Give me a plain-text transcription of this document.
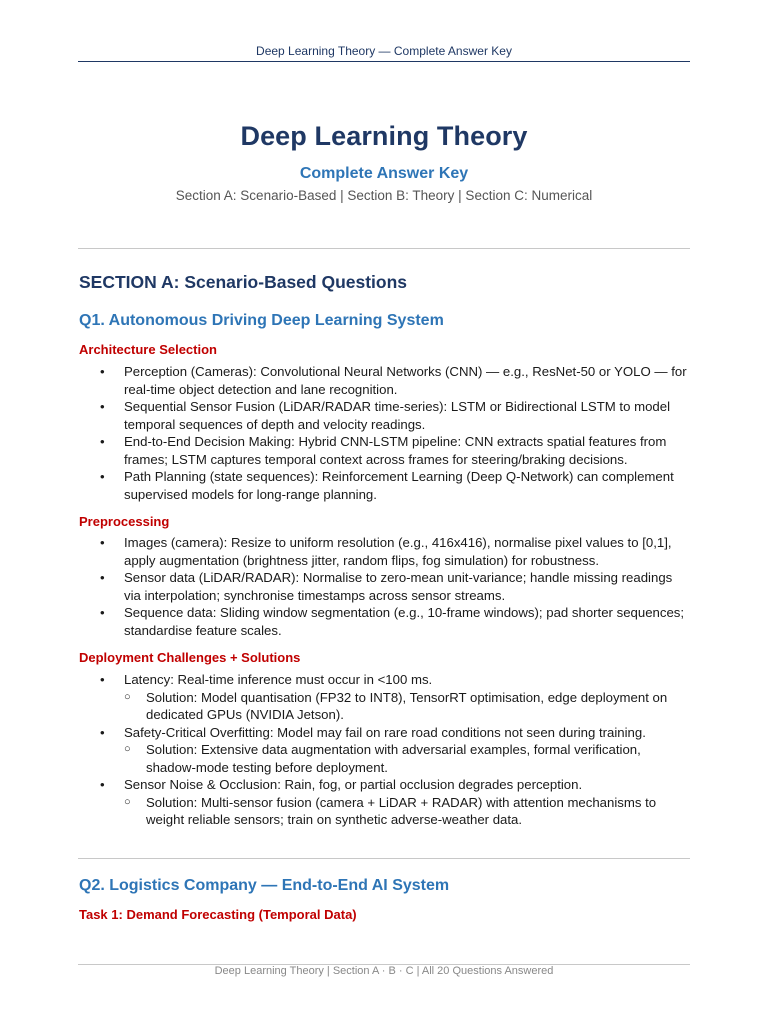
Deep Learning Theory — Complete Answer Key
Deep Learning Theory
Complete Answer Key
Section A: Scenario-Based | Section B: Theory | Section C: Numerical
SECTION A: Scenario-Based Questions
Q1. Autonomous Driving Deep Learning System
Architecture Selection
• Perception (Cameras): Convolutional Neural Networks (CNN) — e.g., ResNet-50 or YOLO — for real-time object detection and lane recognition.
• Sequential Sensor Fusion (LiDAR/RADAR time-series): LSTM or Bidirectional LSTM to model temporal sequences of depth and velocity readings.
• End-to-End Decision Making: Hybrid CNN-LSTM pipeline: CNN extracts spatial features from frames; LSTM captures temporal context across frames for steering/braking decisions.
• Path Planning (state sequences): Reinforcement Learning (Deep Q-Network) can complement supervised models for long-range planning.
Preprocessing
• Images (camera): Resize to uniform resolution (e.g., 416x416), normalise pixel values to [0,1], apply augmentation (brightness jitter, random flips, fog simulation) for robustness.
• Sensor data (LiDAR/RADAR): Normalise to zero-mean unit-variance; handle missing readings via interpolation; synchronise timestamps across sensor streams.
• Sequence data: Sliding window segmentation (e.g., 10-frame windows); pad shorter sequences; standardise feature scales.
Deployment Challenges + Solutions
• Latency: Real-time inference must occur in <100 ms.
○ Solution: Model quantisation (FP32 to INT8), TensorRT optimisation, edge deployment on dedicated GPUs (NVIDIA Jetson).
• Safety-Critical Overfitting: Model may fail on rare road conditions not seen during training.
○ Solution: Extensive data augmentation with adversarial examples, formal verification, shadow-mode testing before deployment.
• Sensor Noise & Occlusion: Rain, fog, or partial occlusion degrades perception.
○ Solution: Multi-sensor fusion (camera + LiDAR + RADAR) with attention mechanisms to weight reliable sensors; train on synthetic adverse-weather data.
Q2. Logistics Company — End-to-End AI System
Task 1: Demand Forecasting (Temporal Data)
Deep Learning Theory | Section A · B · C | All 20 Questions Answered
